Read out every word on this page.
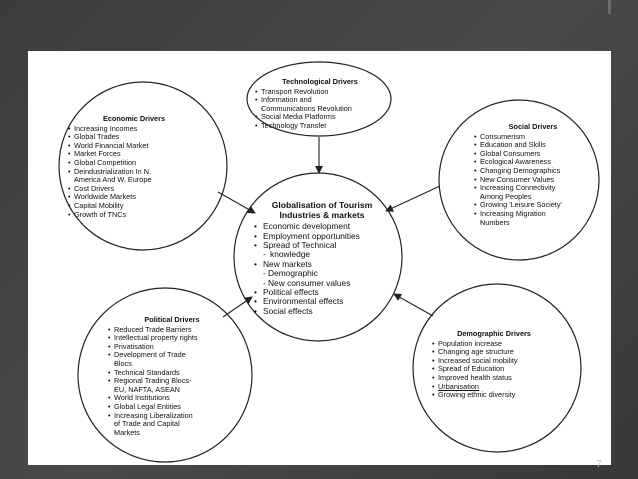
Technological Drivers
• Transport Revolution
• Information and
- Communications Revolution
• Social Media Platforms
• Technology Transfer
Economic Drivers
• Increasing Incomes
• Global Trades
• World Financial Market
• Market Forces
• Global Competition
• Deindustrialization In N.
- America And W. Europe
• Cost Drivers
• Worldwide Markets
• Capital Mobility
• Growth of TNCs
Social Drivers
• Consumerism
• Education and Skills
• Global Consumers
• Ecological Awareness
• Changing Demographics
• New Consumer Values
• Increasing Connectivity
- Among Peoples
• Growing 'Leisure Society'
• Increasing Migration
- Numbers
Globalisation of Tourism
Industries & markets
• Economic development
• Employment opportunities
• Spread of Technical
- knowledge
• New markets
- Demographic
- New consumer values
• Political effects
• Environmental effects
• Social effects
Political Drivers
• Reduced Trade Barriers
• Intellectual property rights
• Privatisation
• Development of Trade
- Blocs
• Technical Standards
• Regional Trading Blocs-
- EU, NAFTA, ASEAN
• World Institutions
• Global Legal Entities
• Increasing Liberalization
- of Trade and Capital
- Markets
Demographic Drivers
• Population increase
• Changing age structure
• Increased social mobility
• Spread of Education
• Improved health status
• Urbanisation
• Growing ethnic diversity
7
